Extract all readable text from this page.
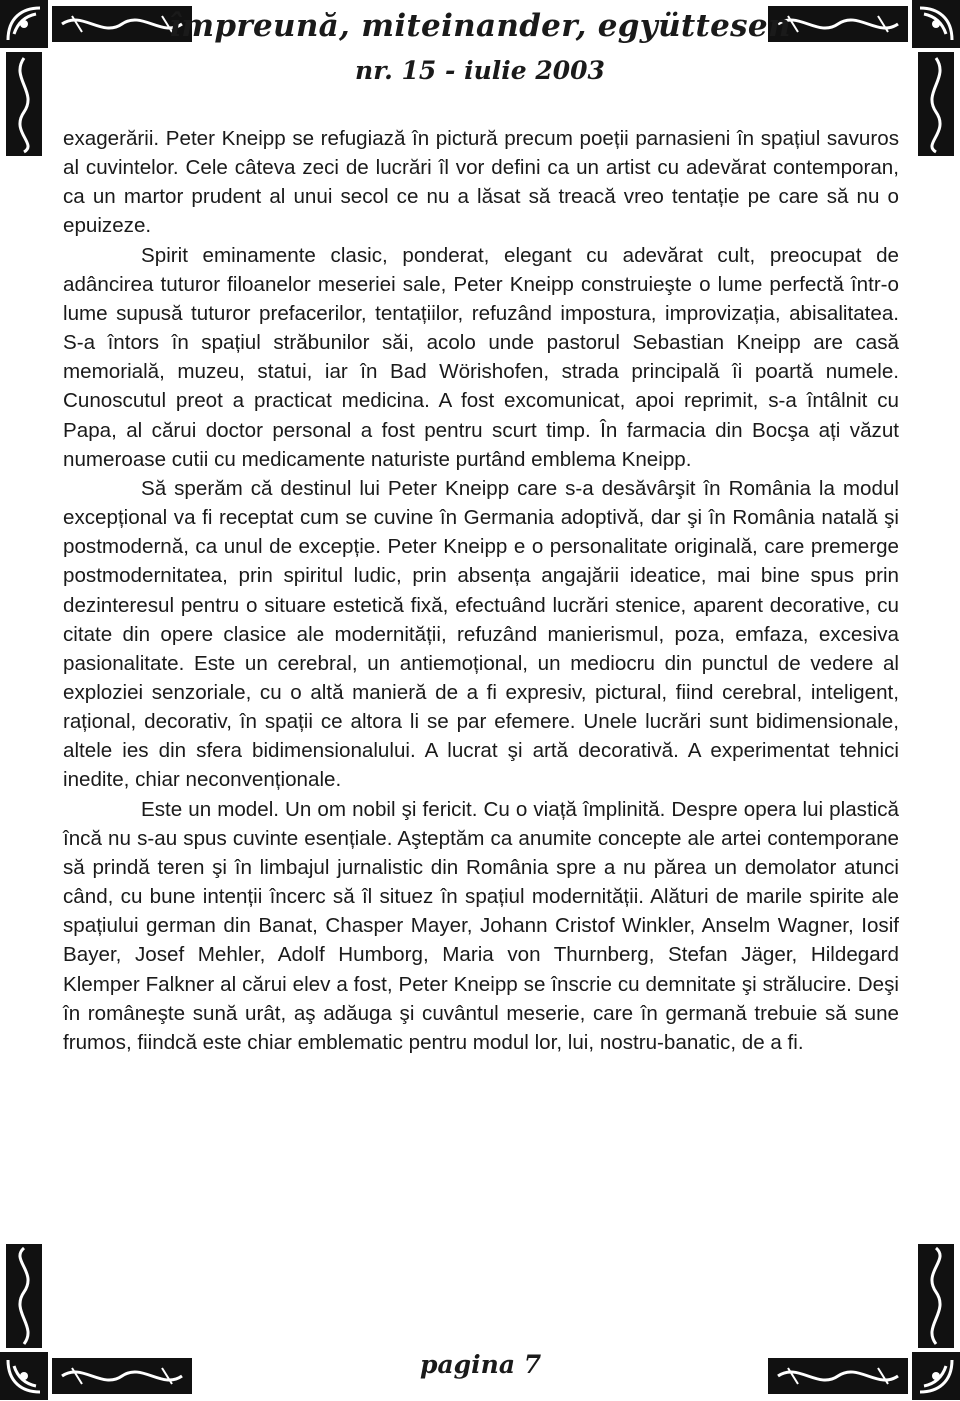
împreună, miteinander, együttesen
nr. 15 - iulie 2003

exagerării. Peter Kneipp se refugiază în pictură precum poeții parnasieni în spațiul savuros al cuvintelor. Cele câteva zeci de lucrări îl vor defini ca un artist cu adevărat contemporan, ca un martor prudent al unui secol ce nu a lăsat să treacă vreo tentație pe care să nu o epuizeze.

Spirit eminamente clasic, ponderat, elegant cu adevărat cult, preocupat de adâncirea tuturor filoanelor meseriei sale, Peter Kneipp construieşte o lume perfectă într-o lume supusă tuturor prefacerilor, tentațiilor, refuzând impostura, improvizația, abisalitatea. S-a întors în spațiul străbunilor săi, acolo unde pastorul Sebastian Kneipp are casă memorială, muzeu, statui, iar în Bad Wörishofen, strada principală îi poartă numele. Cunoscutul preot a practicat medicina. A fost excomunicat, apoi reprimit, s-a întâlnit cu Papa, al cărui doctor personal a fost pentru scurt timp. În farmacia din Bocşa ați văzut numeroase cutii cu medicamente naturiste purtând emblema Kneipp.

Să sperăm că destinul lui Peter Kneipp care s-a desăvârşit în România la modul excepțional va fi receptat cum se cuvine în Germania adoptivă, dar şi în România natală şi postmodernă, ca unul de excepție. Peter Kneipp e o personalitate originală, care premerge postmodernitatea, prin spiritul ludic, prin absența angajării ideatice, mai bine spus prin dezinteresul pentru o situare estetică fixă, efectuând lucrări stenice, aparent decorative, cu citate din opere clasice ale modernității, refuzând manierismul, poza, emfaza, excesiva pasionalitate. Este un cerebral, un antiemoțional, un mediocru din punctul de vedere al exploziei senzoriale, cu o altă manieră de a fi expresiv, pictural, fiind cerebral, inteligent, rațional, decorativ, în spații ce altora li se par efemere. Unele lucrări sunt bidimensionale, altele ies din sfera bidimensionalului. A lucrat şi artă decorativă. A experimentat tehnici inedite, chiar neconvenționale.

Este un model. Un om nobil şi fericit. Cu o viață împlinită. Despre opera lui plastică încă nu s-au spus cuvinte esențiale. Aşteptăm ca anumite concepte ale artei contemporane să prindă teren şi în limbajul jurnalistic din România spre a nu părea un demolator atunci când, cu bune intenții încerc să îl situez în spațiul modernității. Alături de marile spirite ale spațiului german din Banat, Chasper Mayer, Johann Cristof Winkler, Anselm Wagner, Iosif Bayer, Josef Mehler, Adolf Humborg, Maria von Thurnberg, Stefan Jäger, Hildegard Klemper Falkner al cărui elev a fost, Peter Kneipp se înscrie cu demnitate şi strălucire. Deşi în româneşte sună urât, aş adăuga şi cuvântul meserie, care în germană trebuie să sune frumos, fiindcă este chiar emblematic pentru modul lor, lui, nostru-banatic, de a fi.

pagina 7
